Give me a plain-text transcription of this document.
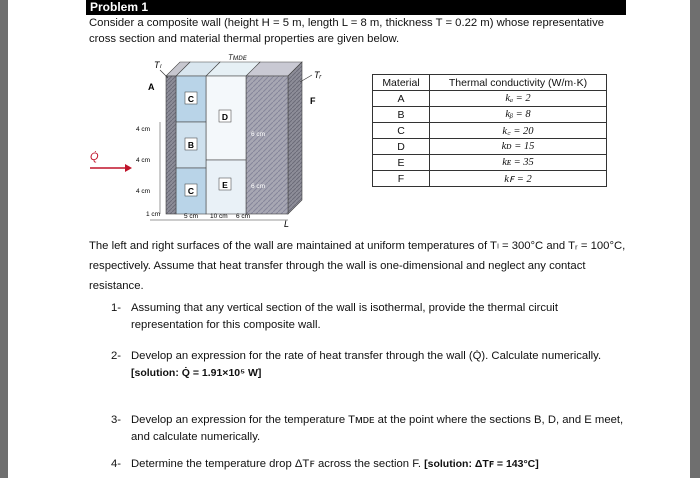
Problem 1
Consider a composite wall (height H = 5 m, length L = 8 m, thickness T = 0.22 m) whose representative cross section and material thermal properties are given below.
C
B
C
D
E
A
F
L
Tᴍᴅᴇ
Tₗ
Tᵣ
6 cm
6 cm
4 cm
4 cm
4 cm
Q̇
1 cm	5 cm 10 cm 6 cm
Material	Thermal conductivity (W/m·K)
A	kₐ = 2
B	kᵦ = 8
C	k꜀ = 20
D	kᴅ = 15
E	kᴇ = 35
F	kꜰ = 2
The left and right surfaces of the wall are maintained at uniform temperatures of Tₗ = 300°C and Tᵣ = 100°C, respectively. Assume that heat transfer through the wall is one-dimensional and neglect any contact resistance.
1- Assuming that any vertical section of the wall is isothermal, provide the thermal circuit representation for this composite wall.
2- Develop an expression for the rate of heat transfer through the wall (Q̇). Calculate numerically. [solution: Q̇ = 1.91×10⁵ W]
3- Develop an expression for the temperature Tᴍᴅᴇ at the point where the sections B, D, and E meet, and calculate numerically.
4- Determine the temperature drop ΔTꜰ across the section F. [solution: ΔTꜰ = 143°C]
